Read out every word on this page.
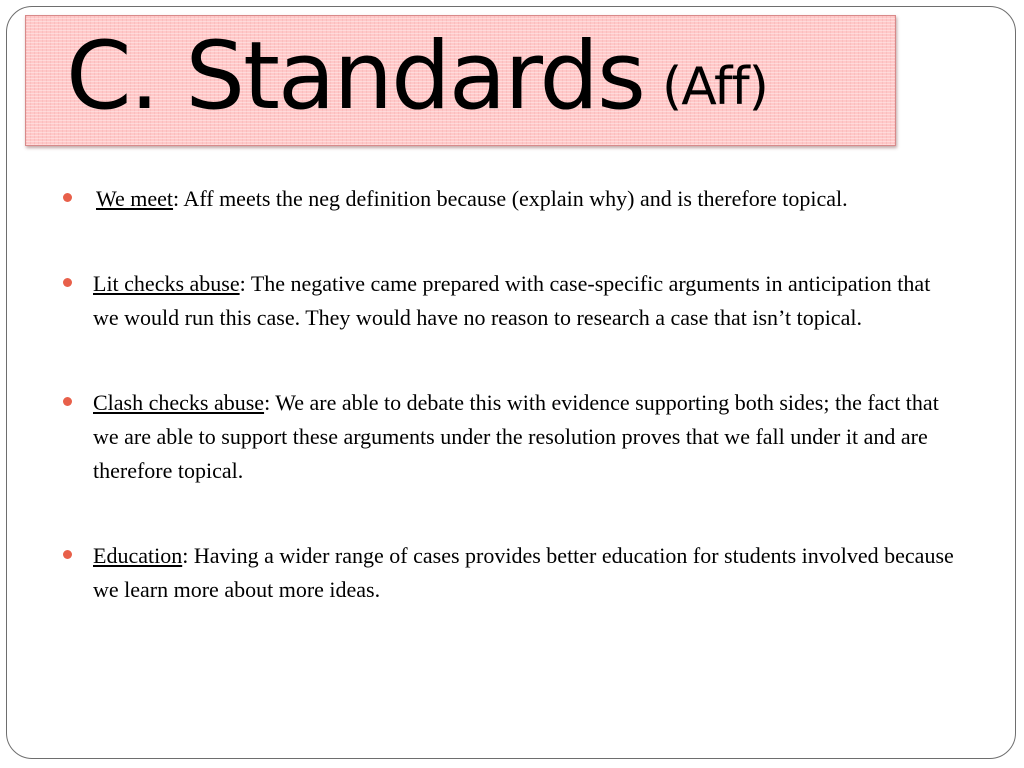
C. Standards (Aff)
We meet: Aff meets the neg definition because (explain why) and is therefore topical.
Lit checks abuse: The negative came prepared with case-specific arguments in anticipation that we would run this case. They would have no reason to research a case that isn’t topical.
Clash checks abuse: We are able to debate this with evidence supporting both sides; the fact that we are able to support these arguments under the resolution proves that we fall under it and are therefore topical.
Education: Having a wider range of cases provides better education for students involved because we learn more about more ideas.
